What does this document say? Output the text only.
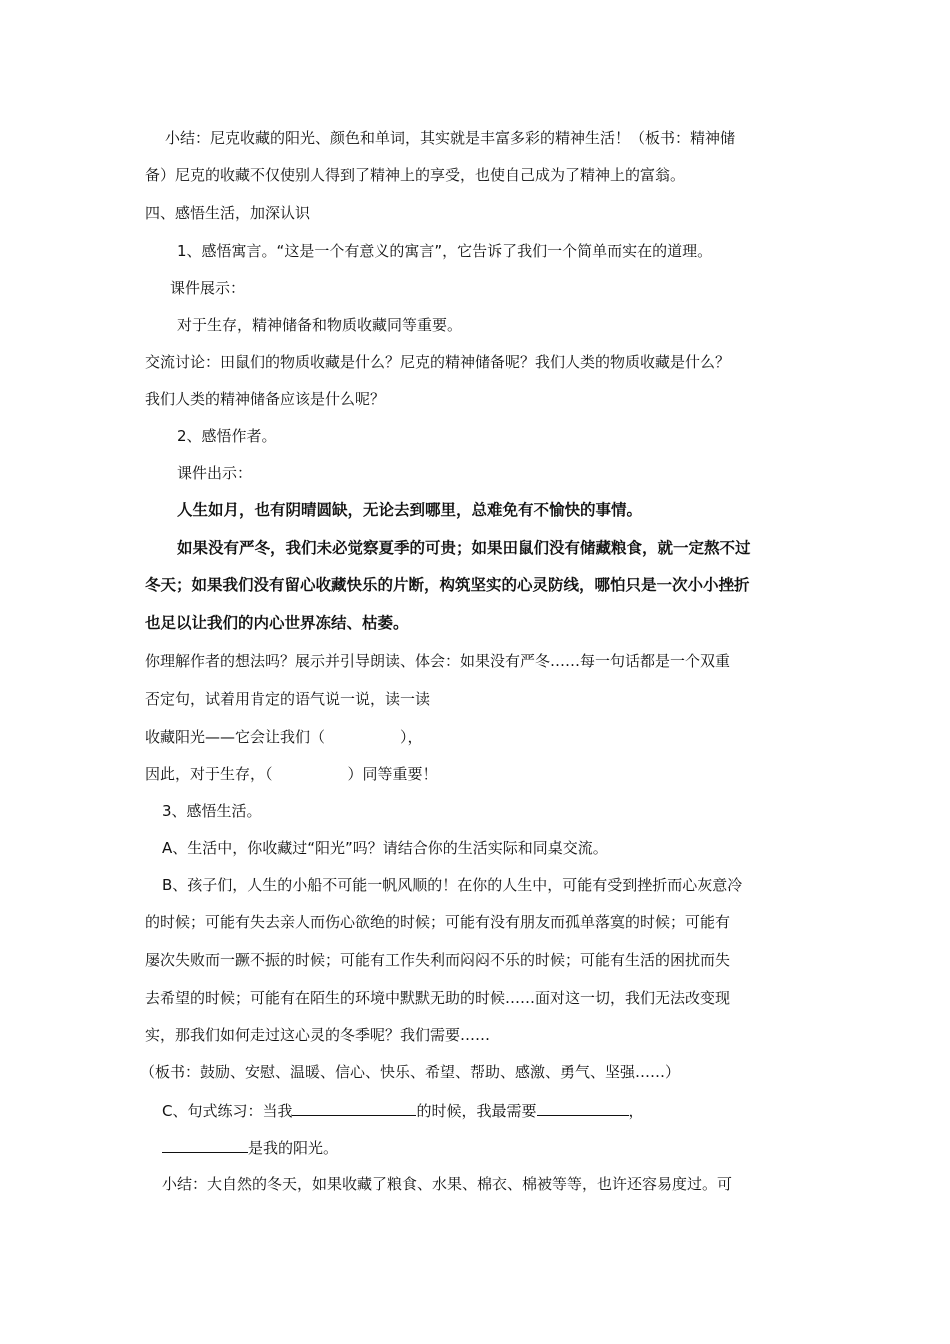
小结：尼克收藏的阳光、颜色和单词，其实就是丰富多彩的精神生活！（板书：精神储
备）尼克的收藏不仅使别人得到了精神上的享受，也使自己成为了精神上的富翁。
四、感悟生活，加深认识
1、感悟寓言。“这是一个有意义的寓言”，它告诉了我们一个简单而实在的道理。
课件展示：
对于生存，精神储备和物质收藏同等重要。
交流讨论：田鼠们的物质收藏是什么？尼克的精神储备呢？我们人类的物质收藏是什么？
我们人类的精神储备应该是什么呢？
2、感悟作者。
课件出示：
人生如月，也有阴晴圆缺，无论去到哪里，总难免有不愉快的事情。
如果没有严冬，我们未必觉察夏季的可贵；如果田鼠们没有储藏粮食，就一定熬不过
冬天；如果我们没有留心收藏快乐的片断，构筑坚实的心灵防线，哪怕只是一次小小挫折
也足以让我们的内心世界冻结、枯萎。
你理解作者的想法吗？展示并引导朗读、体会：如果没有严冬……每一句话都是一个双重
否定句，试着用肯定的语气说一说，读一读
收藏阳光——它会让我们（　　　　　），
因此，对于生存，（　　　　　）同等重要！
3、感悟生活。
A、生活中，你收藏过“阳光”吗？请结合你的生活实际和同桌交流。
B、孩子们，人生的小船不可能一帆风顺的！在你的人生中，可能有受到挫折而心灰意冷
的时候；可能有失去亲人而伤心欲绝的时候；可能有没有朋友而孤单落寞的时候；可能有
屡次失败而一蹶不振的时候；可能有工作失利而闷闷不乐的时候；可能有生活的困扰而失
去希望的时候；可能有在陌生的环境中默默无助的时候……面对这一切，我们无法改变现
实，那我们如何走过这心灵的冬季呢？我们需要……
（板书：鼓励、安慰、温暖、信心、快乐、希望、帮助、感激、勇气、坚强……）
C、句式练习：当我	的时候，我最需要	，
是我的阳光。
小结：大自然的冬天，如果收藏了粮食、水果、棉衣、棉被等等，也许还容易度过。可
